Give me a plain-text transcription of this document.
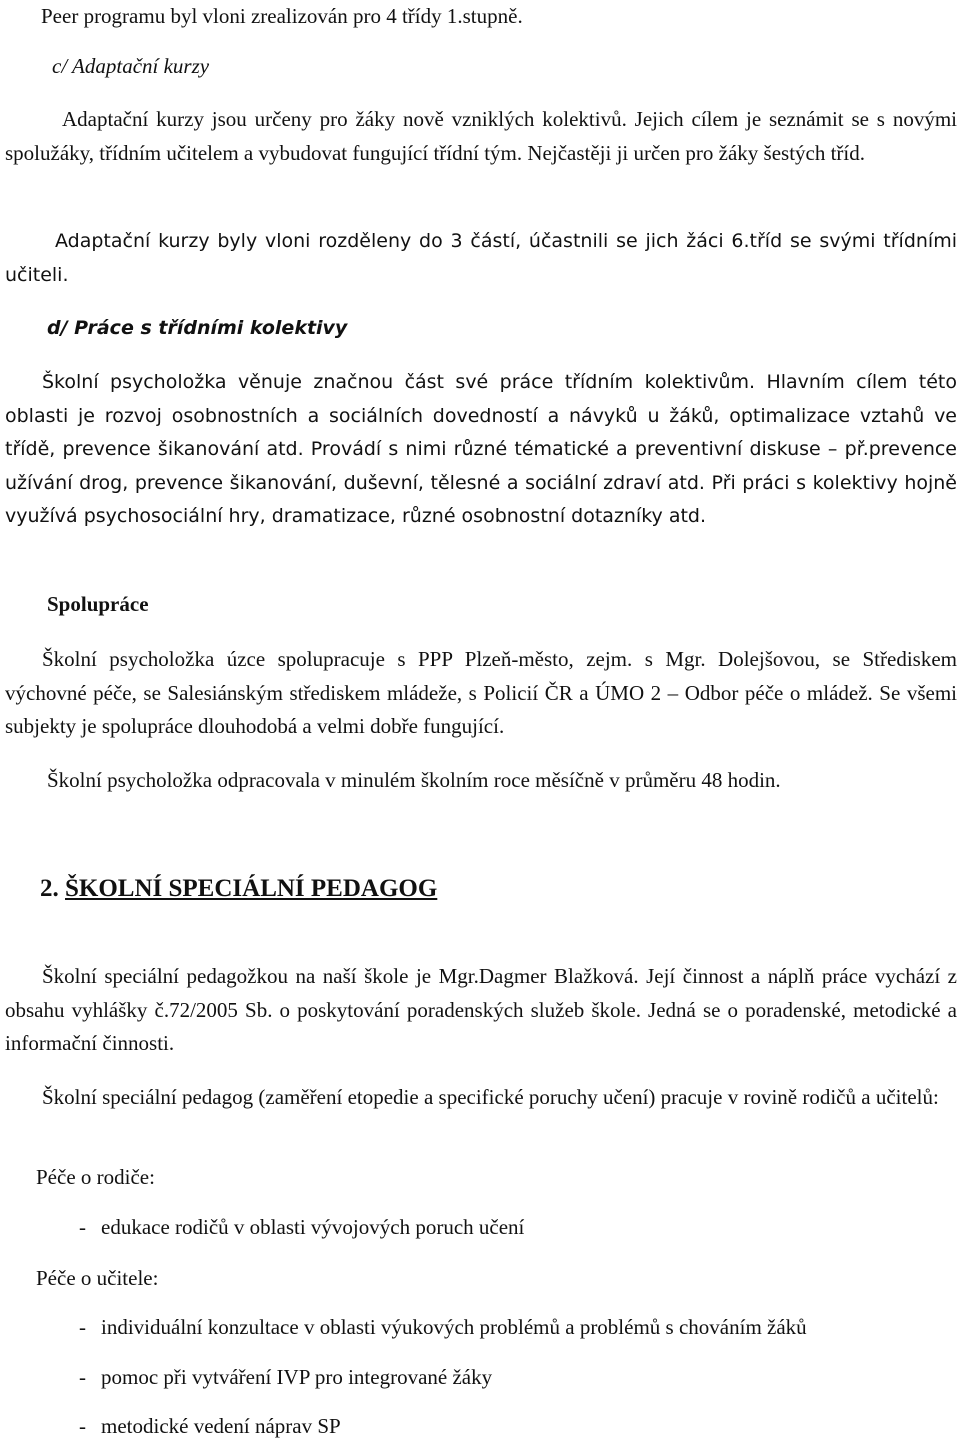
Peer programu byl vloni zrealizován pro 4 třídy 1.stupně.

c/ Adaptační kurzy

Adaptační kurzy jsou určeny pro žáky nově vzniklých kolektivů. Jejich cílem je seznámit se s novými spolužáky, třídním učitelem a vybudovat fungující třídní tým. Nejčastěji ji určen pro žáky šestých tříd.

Adaptační kurzy byly vloni rozděleny do 3 částí, účastnili se jich žáci 6.tříd se svými třídními učiteli.

d/ Práce s třídními kolektivy

Školní psycholožka věnuje značnou část své práce třídním kolektivům. Hlavním cílem této oblasti je rozvoj osobnostních a sociálních dovedností a návyků u žáků, optimalizace vztahů ve třídě, prevence šikanování atd. Provádí s nimi různé tématické a preventivní diskuse – př.prevence užívání drog, prevence šikanování, duševní, tělesné a sociální zdraví atd. Při práci s kolektivy hojně využívá psychosociální hry, dramatizace, různé osobnostní dotazníky atd.

Spolupráce

Školní psycholožka úzce spolupracuje s PPP Plzeň-město, zejm. s Mgr. Dolejšovou, se Střediskem výchovné péče, se Salesiánským střediskem mládeže, s Policií ČR a ÚMO 2 – Odbor péče o mládež. Se všemi subjekty je spolupráce dlouhodobá a velmi dobře fungující.

Školní psycholožka odpracovala v minulém školním roce měsíčně v průměru 48 hodin.

2. ŠKOLNÍ SPECIÁLNÍ PEDAGOG

Školní speciální pedagožkou na naší škole je Mgr.Dagmer Blažková. Její činnost a náplň práce vychází z obsahu vyhlášky č.72/2005 Sb. o poskytování poradenských služeb škole. Jedná se o poradenské, metodické a informační činnosti.

Školní speciální pedagog (zaměření etopedie a specifické poruchy učení) pracuje v rovině rodičů a učitelů:

Péče o rodiče:

- edukace rodičů v oblasti vývojových poruch učení

Péče o učitele:

- individuální konzultace v oblasti výukových problémů a problémů s chováním žáků

- pomoc při vytváření IVP pro integrované žáky

- metodické vedení náprav SP
